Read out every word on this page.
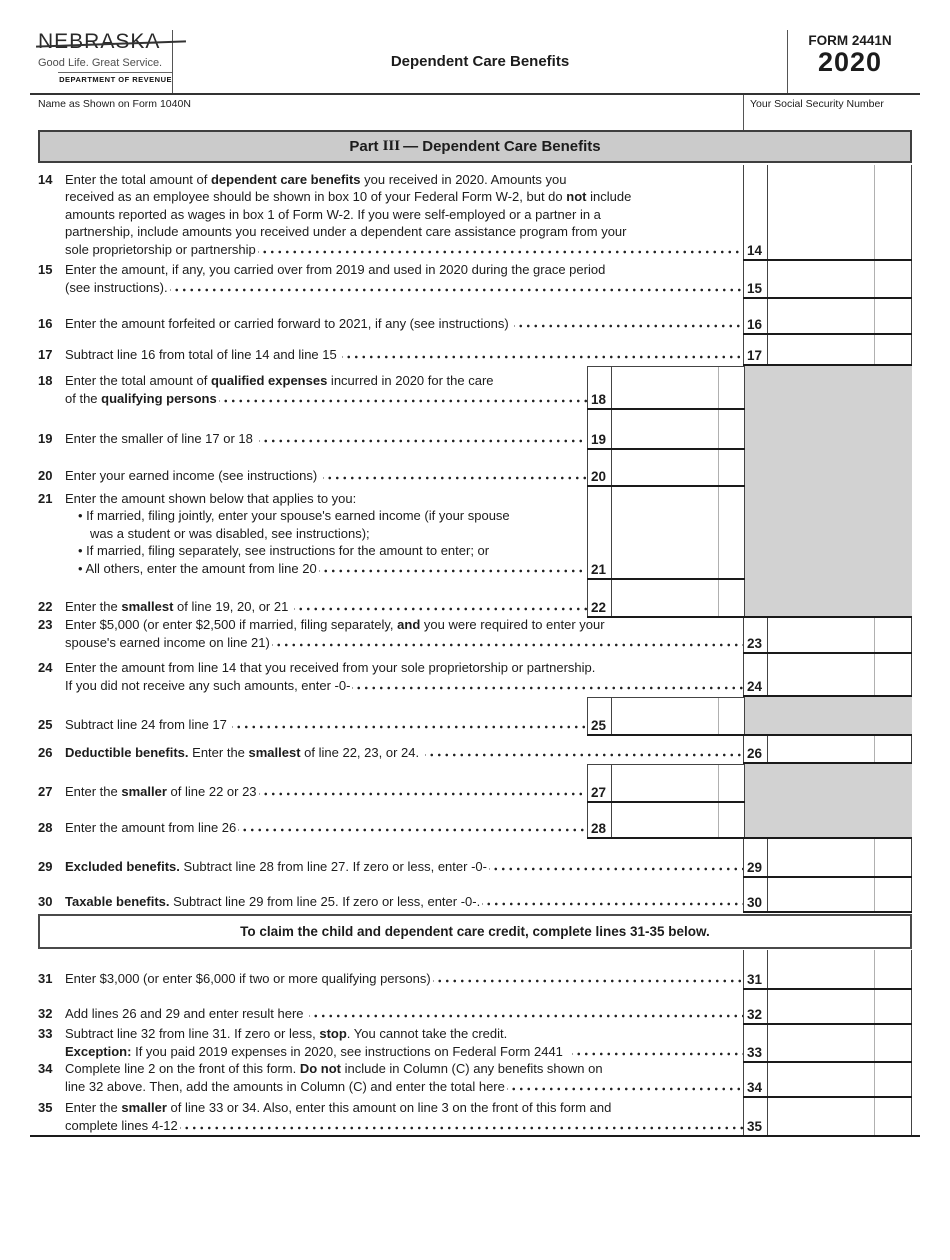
NEBRASKA
Good Life. Great Service.
DEPARTMENT OF REVENUE
Dependent Care Benefits
FORM 2441N
2020
Name as Shown on Form 1040N	Your Social Security Number
Part III — Dependent Care Benefits
14 Enter the total amount of dependent care benefits you received in 2020. Amounts you
received as an employee should be shown in box 10 of your Federal Form W-2, but do not include
amounts reported as wages in box 1 of Form W-2. If you were self-employed or a partner in a
partnership, include amounts you received under a dependent care assistance program from your
sole proprietorship or partnership	14
15 Enter the amount, if any, you carried over from 2019 and used in 2020 during the grace period
(see instructions).	15
16 Enter the amount forfeited or carried forward to 2021, if any (see instructions)	16
17 Subtract line 16 from total of line 14 and line 15	17
18 Enter the total amount of qualified expenses incurred in 2020 for the care
of the qualifying persons	18
19 Enter the smaller of line 17 or 18	19
20 Enter your earned income (see instructions)	20
21 Enter the amount shown below that applies to you:
• If married, filing jointly, enter your spouse's earned income (if your spouse
was a student or was disabled, see instructions);
• If married, filing separately, see instructions for the amount to enter; or
• All others, enter the amount from line 20	21
22 Enter the smallest of line 19, 20, or 21	22
23 Enter $5,000 (or enter $2,500 if married, filing separately, and you were required to enter your
spouse's earned income on line 21)	23
24 Enter the amount from line 14 that you received from your sole proprietorship or partnership.
If you did not receive any such amounts, enter -0-	24
25 Subtract line 24 from line 17	25
26 Deductible benefits. Enter the smallest of line 22, 23, or 24.	26
27 Enter the smaller of line 22 or 23	27
28 Enter the amount from line 26	28
29 Excluded benefits. Subtract line 28 from line 27. If zero or less, enter -0-	29
30 Taxable benefits. Subtract line 29 from line 25. If zero or less, enter -0-.	30
To claim the child and dependent care credit, complete lines 31-35 below.
31 Enter $3,000 (or enter $6,000 if two or more qualifying persons)	31
32 Add lines 26 and 29 and enter result here	32
33 Subtract line 32 from line 31. If zero or less, stop. You cannot take the credit.
Exception: If you paid 2019 expenses in 2020, see instructions on Federal Form 2441	33
34 Complete line 2 on the front of this form. Do not include in Column (C) any benefits shown on
line 32 above. Then, add the amounts in Column (C) and enter the total here	34
35 Enter the smaller of line 33 or 34. Also, enter this amount on line 3 on the front of this form and
complete lines 4-12	35
